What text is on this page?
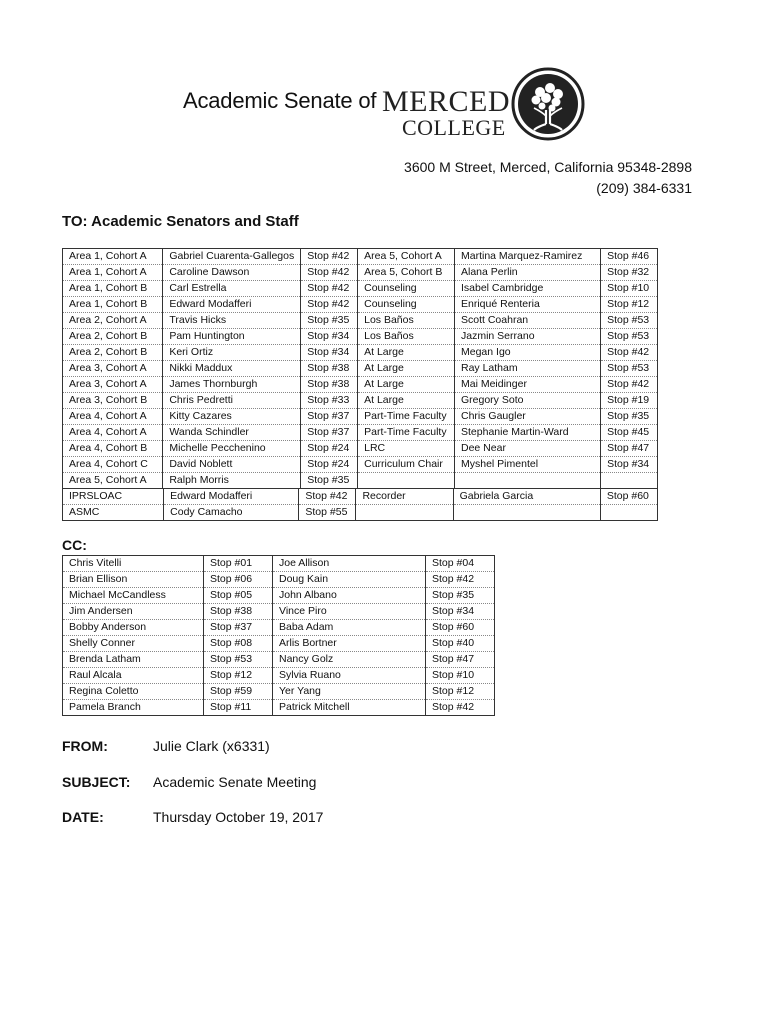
Academic Senate of MERCED
COLLEGE
3600 M Street, Merced, California 95348-2898
(209) 384-6331
TO: Academic Senators and Staff
Area 1, Cohort A	Gabriel Cuarenta-Gallegos	Stop #42	Area 5, Cohort A	Martina Marquez-Ramirez	Stop #46
Area 1, Cohort A	Caroline Dawson	Stop #42	Area 5, Cohort B	Alana Perlin	Stop #32
Area 1, Cohort B	Carl Estrella	Stop #42	Counseling	Isabel Cambridge	Stop #10
Area 1, Cohort B	Edward Modafferi	Stop #42	Counseling	Enriqué Renteria	Stop #12
Area 2, Cohort A	Travis Hicks	Stop #35	Los Baños	Scott Coahran	Stop #53
Area 2, Cohort B	Pam Huntington	Stop #34	Los Baños	Jazmin Serrano	Stop #53
Area 2, Cohort B	Keri Ortiz	Stop #34	At Large	Megan Igo	Stop #42
Area 3, Cohort A	Nikki Maddux	Stop #38	At Large	Ray Latham	Stop #53
Area 3, Cohort A	James Thornburgh	Stop #38	At Large	Mai Meidinger	Stop #42
Area 3, Cohort B	Chris Pedretti	Stop #33	At Large	Gregory Soto	Stop #19
Area 4, Cohort A	Kitty Cazares	Stop #37	Part-Time Faculty	Chris Gaugler	Stop #35
Area 4, Cohort A	Wanda Schindler	Stop #37	Part-Time Faculty	Stephanie Martin-Ward	Stop #45
Area 4, Cohort B	Michelle Pecchenino	Stop #24	LRC	Dee Near	Stop #47
Area 4, Cohort C	David Noblett	Stop #24	Curriculum Chair	Myshel Pimentel	Stop #34
Area 5, Cohort A	Ralph Morris	Stop #35			
IPRSLOAC	Edward Modafferi	Stop #42	Recorder	Gabriela Garcia	Stop #60
ASMC	Cody Camacho	Stop #55			
CC:
Chris Vitelli	Stop #01	Joe Allison	Stop #04
Brian Ellison	Stop #06	Doug Kain	Stop #42
Michael McCandless	Stop #05	John Albano	Stop #35
Jim Andersen	Stop #38	Vince Piro	Stop #34
Bobby Anderson	Stop #37	Baba Adam	Stop #60
Shelly Conner	Stop #08	Arlis Bortner	Stop #40
Brenda Latham	Stop #53	Nancy Golz	Stop #47
Raul Alcala	Stop #12	Sylvia Ruano	Stop #10
Regina Coletto	Stop #59	Yer Yang	Stop #12
Pamela Branch	Stop #11	Patrick Mitchell	Stop #42
FROM:	Julie Clark (x6331)
SUBJECT: Academic Senate Meeting
DATE:	Thursday October 19, 2017
